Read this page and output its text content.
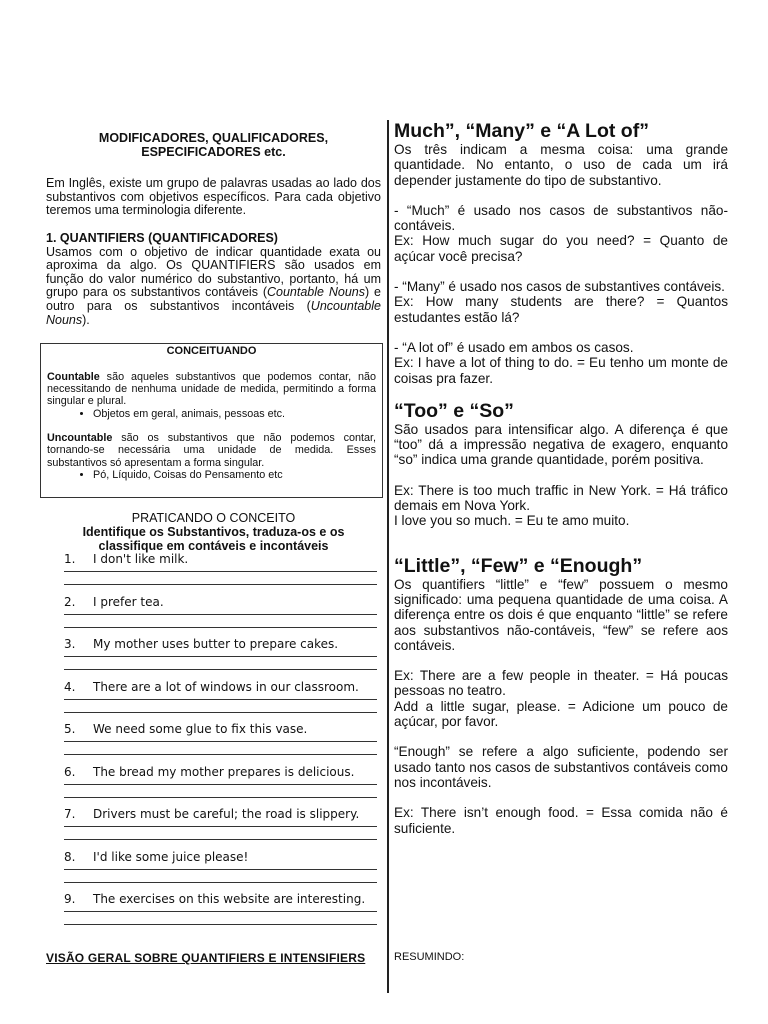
MODIFICADORES, QUALIFICADORES,

ESPECIFICADORES etc.

Em Inglês, existe um grupo de palavras usadas ao lado dos substantivos com objetivos específicos. Para cada objetivo teremos uma terminologia diferente.

1. QUANTIFIERS (QUANTIFICADORES)

Usamos com o objetivo de indicar quantidade exata ou aproxima da algo. Os QUANTIFIERS são usados em função do valor numérico do substantivo, portanto, há um grupo para os substantivos contáveis (Countable Nouns) e outro para os substantivos incontáveis (Uncountable Nouns).

CONCEITUANDO

Countable são aqueles substantivos que podemos contar, não necessitando de nenhuma unidade de medida, permitindo a forma singular e plural.

• Objetos em geral, animais, pessoas etc.

Uncountable são os substantivos que não podemos contar, tornando-se necessária uma unidade de medida. Esses substantivos só apresentam a forma singular.

• Pó, Líquido, Coisas do Pensamento etc

PRATICANDO O CONCEITO

Identifique os Substantivos, traduza-os e os

classifique em contáveis e incontáveis

1. I don't like milk.
2. I prefer tea.
3. My mother uses butter to prepare cakes.
4. There are a lot of windows in our classroom.
5. We need some glue to fix this vase.
6. The bread my mother prepares is delicious.
7. Drivers must be careful; the road is slippery.
8. I'd like some juice please!
9. The exercises on this website are interesting.
VISÃO GERAL SOBRE QUANTIFIERS E INTENSIFIERS	RESUMINDO:

Much”, “Many” e “A Lot of”

Os três indicam a mesma coisa: uma grande quantidade. No entanto, o uso de cada um irá depender justamente do tipo de substantivo.

- “Much” é usado nos casos de substantivos não-contáveis.

Ex: How much sugar do you need? = Quanto de açúcar você precisa?

- “Many” é usado nos casos de substantives contáveis.

Ex: How many students are there? = Quantos estudantes estão lá?

- “A lot of” é usado em ambos os casos.

Ex: I have a lot of thing to do. = Eu tenho um monte de coisas pra fazer.

“Too” e “So”

São usados para intensificar algo. A diferença é que “too” dá a impressão negativa de exagero, enquanto “so” indica uma grande quantidade, porém positiva.

Ex: There is too much traffic in New York. = Há tráfico demais em Nova York.

I love you so much. = Eu te amo muito.

“Little”, “Few” e “Enough”

Os quantifiers “little” e “few” possuem o mesmo significado: uma pequena quantidade de uma coisa. A diferença entre os dois é que enquanto “little” se refere aos substantivos não-contáveis, “few” se refere aos contáveis.

Ex: There are a few people in theater. = Há poucas pessoas no teatro.

Add a little sugar, please. = Adicione um pouco de açúcar, por favor.

“Enough” se refere a algo suficiente, podendo ser usado tanto nos casos de substantivos contáveis como nos incontáveis.

Ex: There isn’t enough food. = Essa comida não é suficiente.
